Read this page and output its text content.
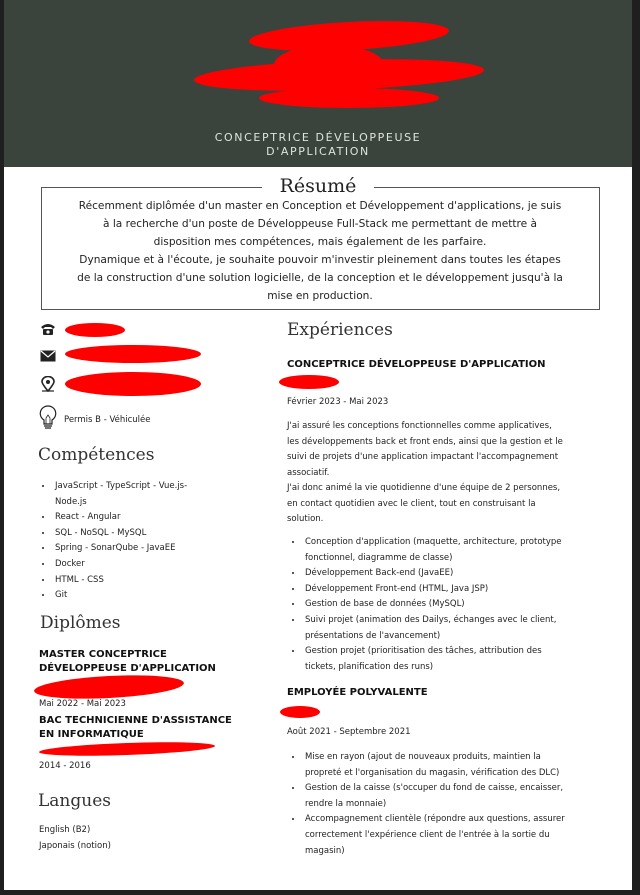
CONCEPTRICE DÉVELOPPEUSE
D'APPLICATION
Résumé

Récemment diplômée d'un master en Conception et Développement d'applications, je suis

à la recherche d'un poste de Développeuse Full-Stack me permettant de mettre à

disposition mes compétences, mais également de les parfaire.

Dynamique et à l'écoute, je souhaite pouvoir m'investir pleinement dans toutes les étapes

de la construction d'une solution logicielle, de la conception et le développement jusqu'à la

mise en production.

Permis B - Véhiculée
Compétences
• JavaScript - TypeScript - Vue.js-
Node.js
• React - Angular
• SQL - NoSQL - MySQL
• Spring - SonarQube - JavaEE
• Docker
• HTML - CSS
• Git
Diplômes
MASTER CONCEPTRICE
DÉVELOPPEUSE D'APPLICATION
Mai 2022 - Mai 2023
BAC TECHNICIENNE D'ASSISTANCE
EN INFORMATIQUE
2014 - 2016
Langues
English (B2)
Japonais (notion)
Expériences
CONCEPTRICE DÉVELOPPEUSE D'APPLICATION
Février 2023 - Mai 2023
J'ai assuré les conceptions fonctionnelles comme applicatives,
les développements back et front ends, ainsi que la gestion et le
suivi de projets d'une application impactant l'accompagnement
associatif.
J'ai donc animé la vie quotidienne d'une équipe de 2 personnes,
en contact quotidien avec le client, tout en construisant la
solution.
• Conception d'application (maquette, architecture, prototype
fonctionnel, diagramme de classe)
• Développement Back-end (JavaEE)
• Développement Front-end (HTML, Java JSP)
• Gestion de base de données (MySQL)
• Suivi projet (animation des Dailys, échanges avec le client,
présentations de l'avancement)
• Gestion projet (prioritisation des tâches, attribution des
tickets, planification des runs)
EMPLOYÉE POLYVALENTE
Août 2021 - Septembre 2021
• Mise en rayon (ajout de nouveaux produits, maintien la
propreté et l'organisation du magasin, vérification des DLC)
• Gestion de la caisse (s'occuper du fond de caisse, encaisser,
rendre la monnaie)
• Accompagnement clientèle (répondre aux questions, assurer
correctement l'expérience client de l'entrée à la sortie du
magasin)
